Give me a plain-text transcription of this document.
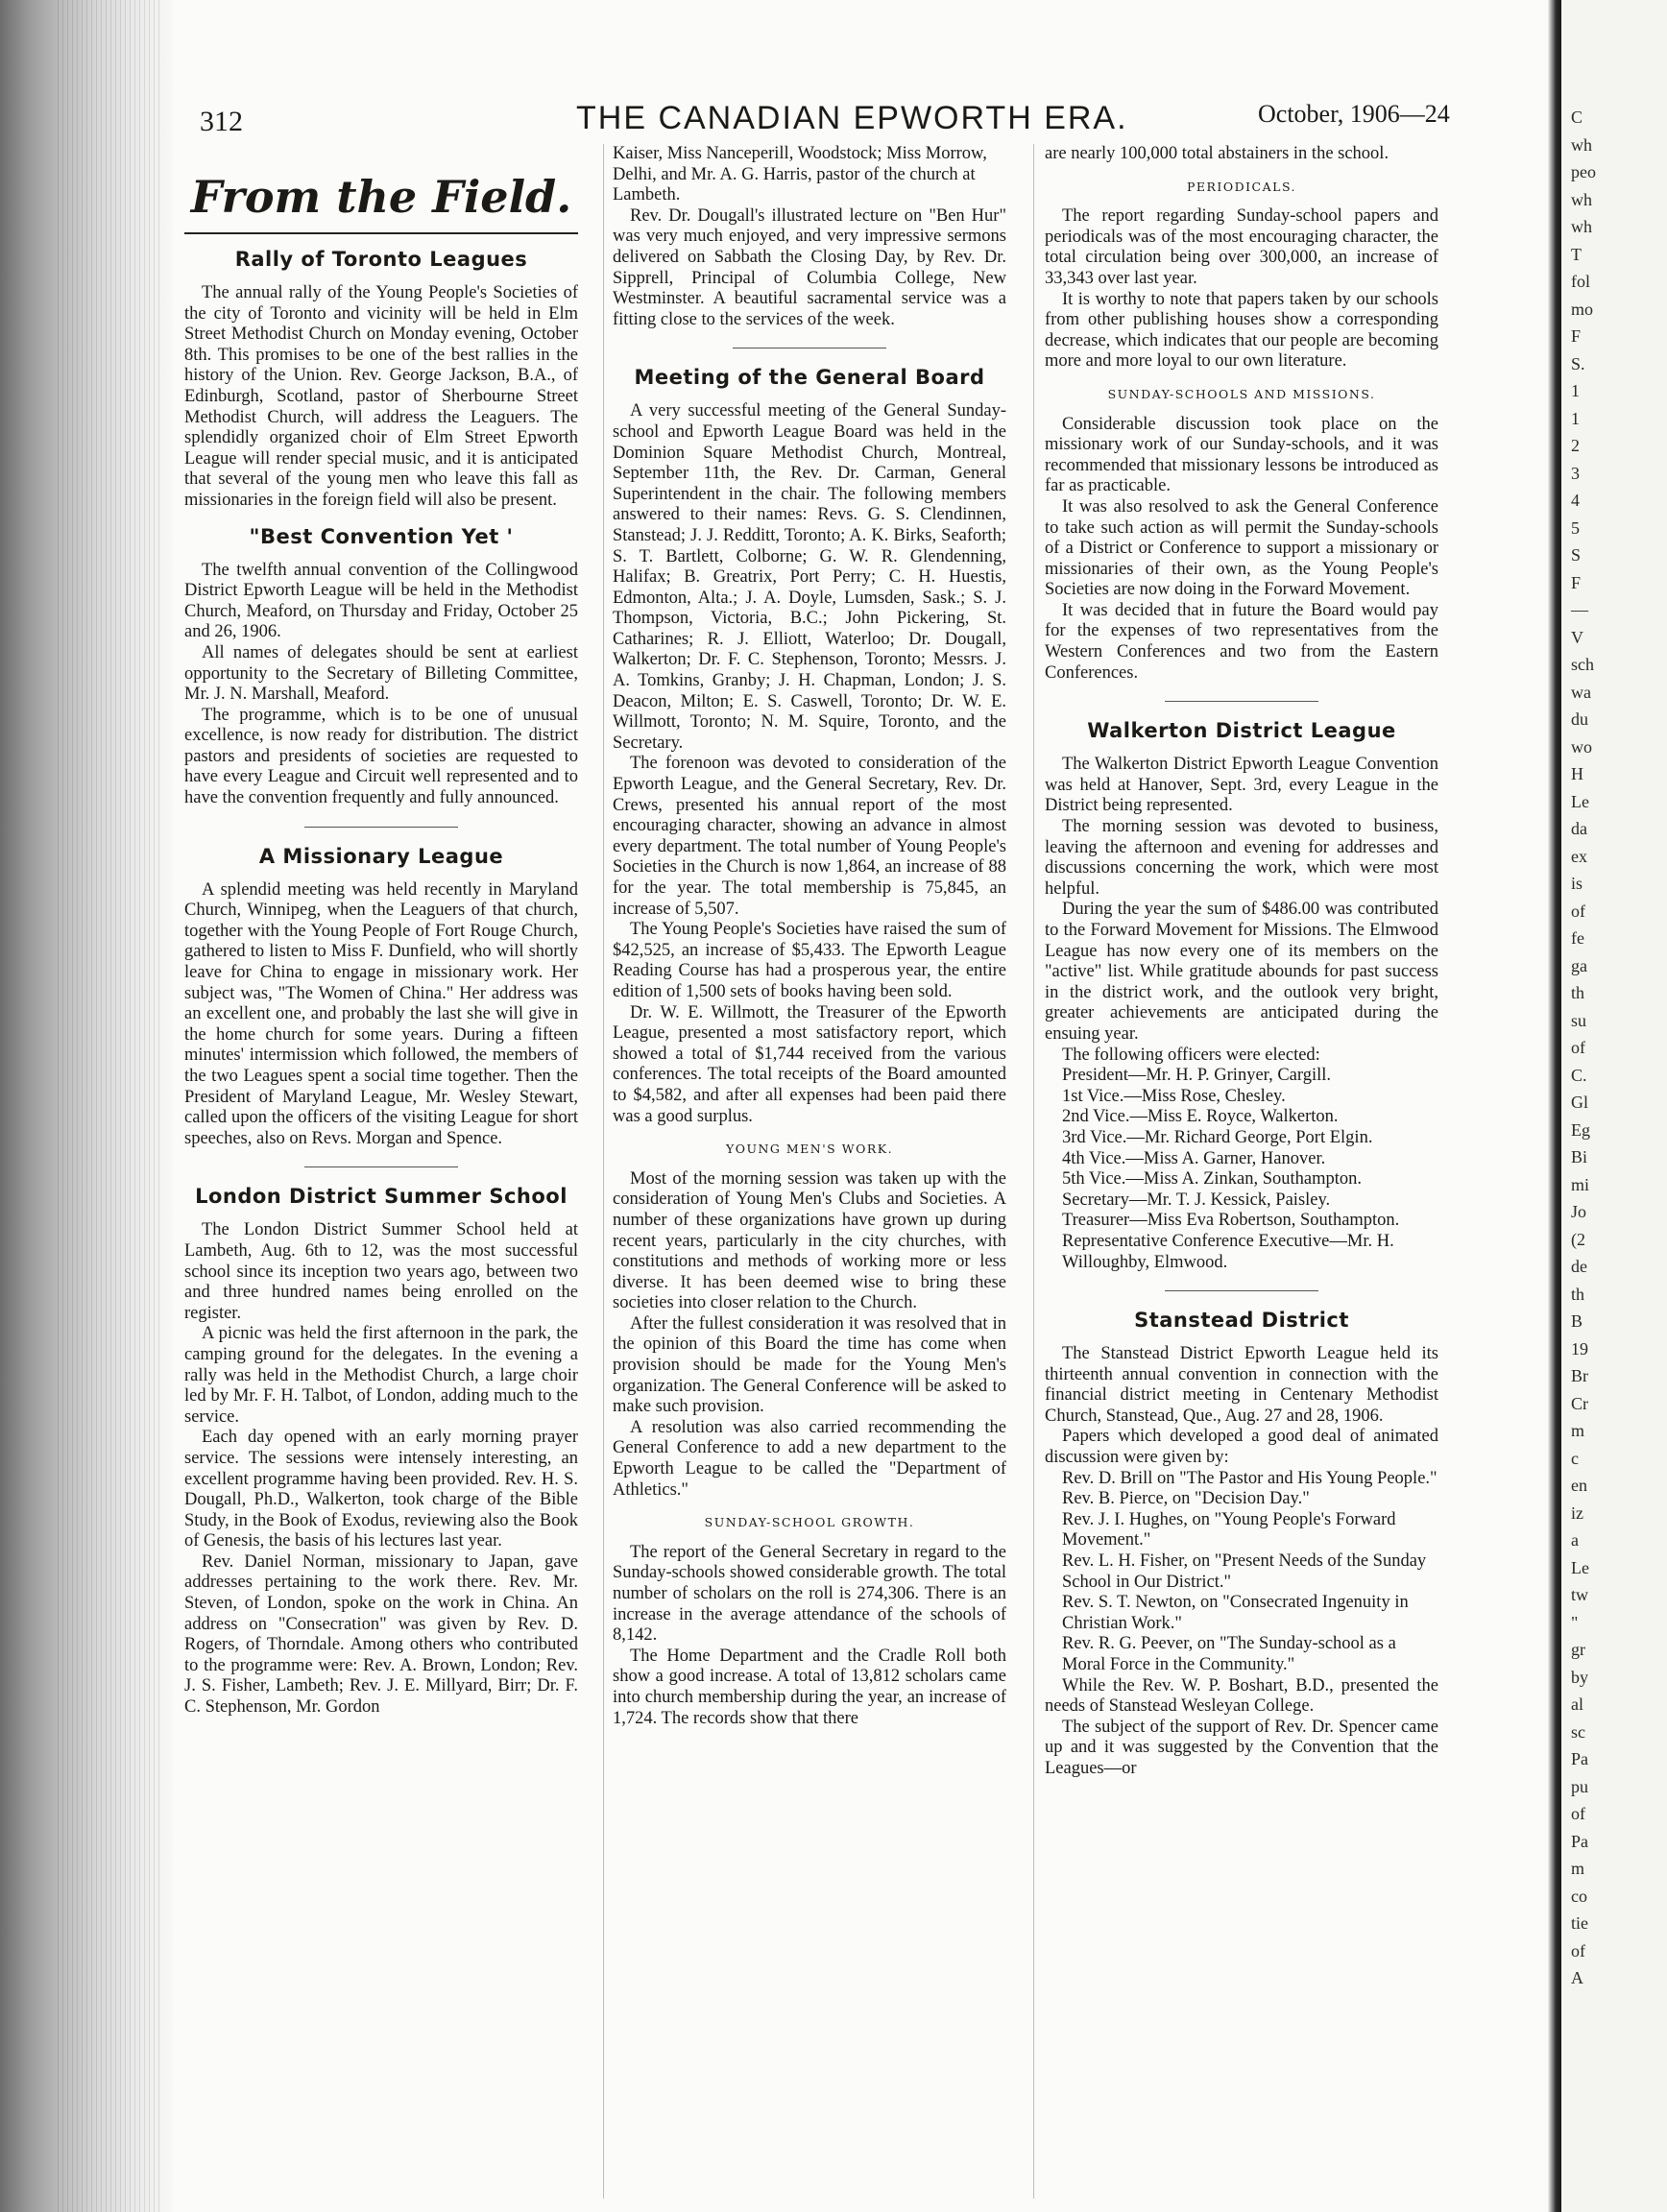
C
wh
peo
wh
wh
T
fol
mo
F
S.
1
1
2
3
4
5
S
F
—
V
sch
wa
du
wo
H
Le
da
ex
is
of
fe
ga
th
su
of
C.
Gl
Eg
Bi
mi
Jo
(2
de
th
B
19
Br
Cr
m
c
en
iz
a
Le
tw
"
gr
by
al
sc
Pa
pu
of
Pa
m
co
tie
of
A
312	THE CANADIAN EPWORTH ERA.	October, 1906—24
From the Field.
Rally of Toronto Leagues

The annual rally of the Young People's Societies of the city of Toronto and vicinity will be held in Elm Street Methodist Church on Monday evening, October 8th. This promises to be one of the best rallies in the history of the Union. Rev. George Jackson, B.A., of Edinburgh, Scotland, pastor of Sherbourne Street Methodist Church, will address the Leaguers. The splendidly organized choir of Elm Street Epworth League will render special music, and it is anticipated that several of the young men who leave this fall as missionaries in the foreign field will also be present.

"Best Convention Yet '

The twelfth annual convention of the Collingwood District Epworth League will be held in the Methodist Church, Meaford, on Thursday and Friday, October 25 and 26, 1906.

All names of delegates should be sent at earliest opportunity to the Secretary of Billeting Committee, Mr. J. N. Marshall, Meaford.

The programme, which is to be one of unusual excellence, is now ready for distribution. The district pastors and presidents of societies are requested to have every League and Circuit well represented and to have the convention frequently and fully announced.

A Missionary League

A splendid meeting was held recently in Maryland Church, Winnipeg, when the Leaguers of that church, together with the Young People of Fort Rouge Church, gathered to listen to Miss F. Dunfield, who will shortly leave for China to engage in missionary work. Her subject was, "The Women of China." Her address was an excellent one, and probably the last she will give in the home church for some years. During a fifteen minutes' intermission which followed, the members of the two Leagues spent a social time together. Then the President of Maryland League, Mr. Wesley Stewart, called upon the officers of the visiting League for short speeches, also on Revs. Morgan and Spence.

London District Summer School

The London District Summer School held at Lambeth, Aug. 6th to 12, was the most successful school since its inception two years ago, between two and three hundred names being enrolled on the register.

A picnic was held the first afternoon in the park, the camping ground for the delegates. In the evening a rally was held in the Methodist Church, a large choir led by Mr. F. H. Talbot, of London, adding much to the service.

Each day opened with an early morning prayer service. The sessions were intensely interesting, an excellent programme having been provided. Rev. H. S. Dougall, Ph.D., Walkerton, took charge of the Bible Study, in the Book of Exodus, reviewing also the Book of Genesis, the basis of his lectures last year.

Rev. Daniel Norman, missionary to Japan, gave addresses pertaining to the work there. Rev. Mr. Steven, of London, spoke on the work in China. An address on "Consecration" was given by Rev. D. Rogers, of Thorndale. Among others who contributed to the programme were: Rev. A. Brown, London; Rev. J. S. Fisher, Lambeth; Rev. J. E. Millyard, Birr; Dr. F. C. Stephenson, Mr. Gordon

Kaiser, Miss Nanceperill, Woodstock; Miss Morrow, Delhi, and Mr. A. G. Harris, pastor of the church at Lambeth.

Rev. Dr. Dougall's illustrated lecture on "Ben Hur" was very much enjoyed, and very impressive sermons delivered on Sabbath the Closing Day, by Rev. Dr. Sipprell, Principal of Columbia College, New Westminster. A beautiful sacramental service was a fitting close to the services of the week.

Meeting of the General Board

A very successful meeting of the General Sunday-school and Epworth League Board was held in the Dominion Square Methodist Church, Montreal, September 11th, the Rev. Dr. Carman, General Superintendent in the chair. The following members answered to their names: Revs. G. S. Clendinnen, Stanstead; J. J. Redditt, Toronto; A. K. Birks, Seaforth; S. T. Bartlett, Colborne; G. W. R. Glendenning, Halifax; B. Greatrix, Port Perry; C. H. Huestis, Edmonton, Alta.; J. A. Doyle, Lumsden, Sask.; S. J. Thompson, Victoria, B.C.; John Pickering, St. Catharines; R. J. Elliott, Waterloo; Dr. Dougall, Walkerton; Dr. F. C. Stephenson, Toronto; Messrs. J. A. Tomkins, Granby; J. H. Chapman, London; J. S. Deacon, Milton; E. S. Caswell, Toronto; Dr. W. E. Willmott, Toronto; N. M. Squire, Toronto, and the Secretary.

The forenoon was devoted to consideration of the Epworth League, and the General Secretary, Rev. Dr. Crews, presented his annual report of the most encouraging character, showing an advance in almost every department. The total number of Young People's Societies in the Church is now 1,864, an increase of 88 for the year. The total membership is 75,845, an increase of 5,507.

The Young People's Societies have raised the sum of $42,525, an increase of $5,433. The Epworth League Reading Course has had a prosperous year, the entire edition of 1,500 sets of books having been sold.

Dr. W. E. Willmott, the Treasurer of the Epworth League, presented a most satisfactory report, which showed a total of $1,744 received from the various conferences. The total receipts of the Board amounted to $4,582, and after all expenses had been paid there was a good surplus.

YOUNG MEN'S WORK.

Most of the morning session was taken up with the consideration of Young Men's Clubs and Societies. A number of these organizations have grown up during recent years, particularly in the city churches, with constitutions and methods of working more or less diverse. It has been deemed wise to bring these societies into closer relation to the Church.

After the fullest consideration it was resolved that in the opinion of this Board the time has come when provision should be made for the Young Men's organization. The General Conference will be asked to make such provision.

A resolution was also carried recommending the General Conference to add a new department to the Epworth League to be called the "Department of Athletics."

SUNDAY-SCHOOL GROWTH.

The report of the General Secretary in regard to the Sunday-schools showed considerable growth. The total number of scholars on the roll is 274,306. There is an increase in the average attendance of the schools of 8,142.

The Home Department and the Cradle Roll both show a good increase. A total of 13,812 scholars came into church membership during the year, an increase of 1,724. The records show that there

are nearly 100,000 total abstainers in the school.

PERIODICALS.

The report regarding Sunday-school papers and periodicals was of the most encouraging character, the total circulation being over 300,000, an increase of 33,343 over last year.

It is worthy to note that papers taken by our schools from other publishing houses show a corresponding decrease, which indicates that our people are becoming more and more loyal to our own literature.

SUNDAY-SCHOOLS AND MISSIONS.

Considerable discussion took place on the missionary work of our Sunday-schools, and it was recommended that missionary lessons be introduced as far as practicable.

It was also resolved to ask the General Conference to take such action as will permit the Sunday-schools of a District or Conference to support a missionary or missionaries of their own, as the Young People's Societies are now doing in the Forward Movement.

It was decided that in future the Board would pay for the expenses of two representatives from the Western Conferences and two from the Eastern Conferences.

Walkerton District League

The Walkerton District Epworth League Convention was held at Hanover, Sept. 3rd, every League in the District being represented.

The morning session was devoted to business, leaving the afternoon and evening for addresses and discussions concerning the work, which were most helpful.

During the year the sum of $486.00 was contributed to the Forward Movement for Missions. The Elmwood League has now every one of its members on the "active" list. While gratitude abounds for past success in the district work, and the outlook very bright, greater achievements are anticipated during the ensuing year.

The following officers were elected:

President—Mr. H. P. Grinyer, Cargill.

1st Vice.—Miss Rose, Chesley.

2nd Vice.—Miss E. Royce, Walkerton.

3rd Vice.—Mr. Richard George, Port Elgin.

4th Vice.—Miss A. Garner, Hanover.

5th Vice.—Miss A. Zinkan, Southampton.

Secretary—Mr. T. J. Kessick, Paisley.

Treasurer—Miss Eva Robertson, Southampton.

Representative Conference Executive—Mr. H. Willoughby, Elmwood.

Stanstead District

The Stanstead District Epworth League held its thirteenth annual convention in connection with the financial district meeting in Centenary Methodist Church, Stanstead, Que., Aug. 27 and 28, 1906.

Papers which developed a good deal of animated discussion were given by:

Rev. D. Brill on "The Pastor and His Young People."

Rev. B. Pierce, on "Decision Day."

Rev. J. I. Hughes, on "Young People's Forward Movement."

Rev. L. H. Fisher, on "Present Needs of the Sunday School in Our District."

Rev. S. T. Newton, on "Consecrated Ingenuity in Christian Work."

Rev. R. G. Peever, on "The Sunday-school as a Moral Force in the Community."

While the Rev. W. P. Boshart, B.D., presented the needs of Stanstead Wesleyan College.

The subject of the support of Rev. Dr. Spencer came up and it was suggested by the Convention that the Leagues—or
